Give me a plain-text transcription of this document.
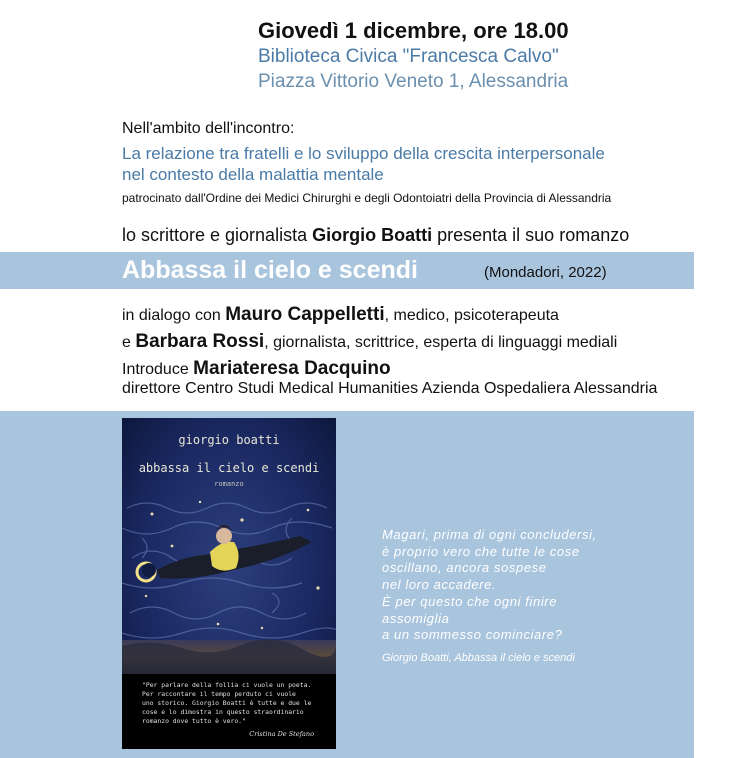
Giovedì 1 dicembre, ore 18.00
Biblioteca Civica "Francesca Calvo"
Piazza Vittorio Veneto 1, Alessandria
Nell'ambito dell'incontro:
La relazione tra fratelli e lo sviluppo della crescita interpersonale
nel contesto della malattia mentale
patrocinato dall'Ordine dei Medici Chirurghi e degli Odontoiatri della Provincia di Alessandria
lo scrittore e giornalista Giorgio Boatti presenta il suo romanzo
Abbassa il cielo e scendi	(Mondadori, 2022)
in dialogo con Mauro Cappelletti, medico, psicoterapeuta
e Barbara Rossi, giornalista, scrittrice, esperta di linguaggi mediali
Introduce Mariateresa Dacquino
direttore Centro Studi Medical Humanities Azienda Ospedaliera Alessandria
giorgio boatti
abbassa il cielo e scendi
romanzo
"Per parlare della follia ci vuole un poeta.
Per raccontare il tempo perduto ci vuole
uno storico. Giorgio Boatti è tutte e due le
cose e lo dimostra in questo straordinario
romanzo dove tutto è vero."
Cristina De Stefano
Magari, prima di ogni concludersi,
è proprio vero che tutte le cose
oscillano, ancora sospese
nel loro accadere.
È per questo che ogni finire
assomiglia
a un sommesso cominciare?
Giorgio Boatti, Abbassa il cielo e scendi
